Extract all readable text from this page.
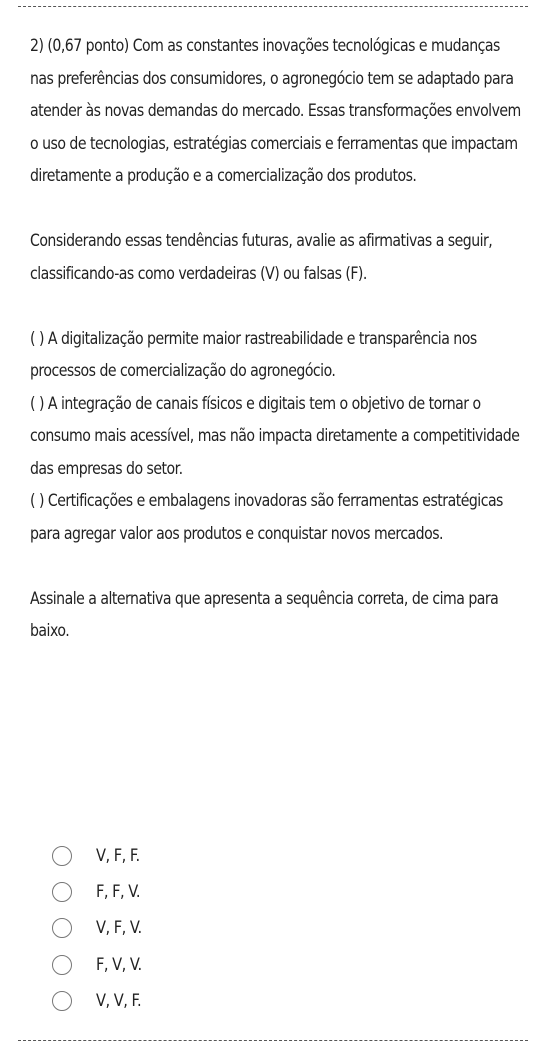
2) (0,67 ponto) Com as constantes inovações tecnológicas e mudanças nas preferências dos consumidores, o agronegócio tem se adaptado para atender às novas demandas do mercado. Essas transformações envolvem o uso de tecnologias, estratégias comerciais e ferramentas que impactam diretamente a produção e a comercialização dos produtos.

Considerando essas tendências futuras, avalie as afirmativas a seguir, classificando-as como verdadeiras (V) ou falsas (F).

( ) A digitalização permite maior rastreabilidade e transparência nos processos de comercialização do agronegócio.

( ) A integração de canais físicos e digitais tem o objetivo de tornar o consumo mais acessível, mas não impacta diretamente a competitividade das empresas do setor.

( ) Certificações e embalagens inovadoras são ferramentas estratégicas para agregar valor aos produtos e conquistar novos mercados.

Assinale a alternativa que apresenta a sequência correta, de cima para baixo.

V, F, F.
F, F, V.
V, F, V.
F, V, V.
V, V, F.
